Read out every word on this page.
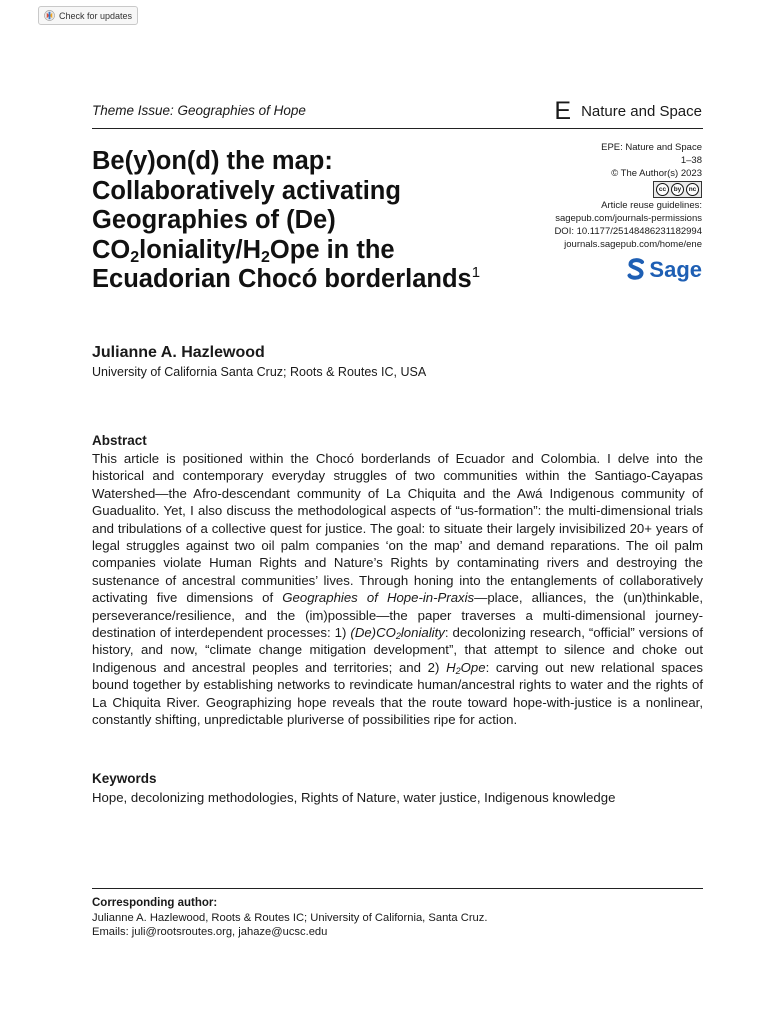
Check for updates
Theme Issue: Geographies of Hope	E Nature and Space
Be(y)on(d) the map:
Collaboratively activating
Geographies of (De)
$CO_2loniality/H_2Ope$ in the
Ecuadorian Chocó borderlands$^1$
EPE: Nature and Space
1–38
© The Author(s) 2023
cc	by	nc
Article reuse guidelines:
sagepub.com/journals-permissions
DOI: 10.1177/25148486231182994
journals.sagepub.com/home/ene
Sage
Julianne A. Hazlewood
University of California Santa Cruz; Roots & Routes IC, USA
Abstract
This article is positioned within the Chocó borderlands of Ecuador and Colombia. I delve into the historical and contemporary everyday struggles of two communities within the Santiago-Cayapas Watershed—the Afro-descendant community of La Chiquita and the Awá Indigenous community of Guadualito. Yet, I also discuss the methodological aspects of “us-formation”: the multi-dimensional trials and tribulations of a collective quest for justice. The goal: to situate their largely invisibilized 20+ years of legal struggles against two oil palm companies ‘on the map’ and demand reparations. The oil palm companies violate Human Rights and Nature’s Rights by contaminating rivers and destroying the sustenance of ancestral communities’ lives. Through honing into the entanglements of collaboratively activating five dimensions of Geographies of Hope-in-Praxis—place, alliances, the (un)thinkable, perseverance/resilience, and the (im)possible—the paper traverses a multi-dimensional journey-destination of interdependent processes: 1) $(De)CO_2loniality$: decolonizing research, “official” versions of history, and now, “climate change mitigation development”, that attempt to silence and choke out Indigenous and ancestral peoples and territories; and 2) $H_2Ope$: carving out new relational spaces bound together by establishing networks to revindicate human/ancestral rights to water and the rights of La Chiquita River. Geographizing hope reveals that the route toward hope-with-justice is a nonlinear, constantly shifting, unpredictable pluriverse of possibilities ripe for action.
Keywords
Hope, decolonizing methodologies, Rights of Nature, water justice, Indigenous knowledge
Corresponding author:
Julianne A. Hazlewood, Roots & Routes IC; University of California, Santa Cruz.
Emails: juli@rootsroutes.org, jahaze@ucsc.edu
